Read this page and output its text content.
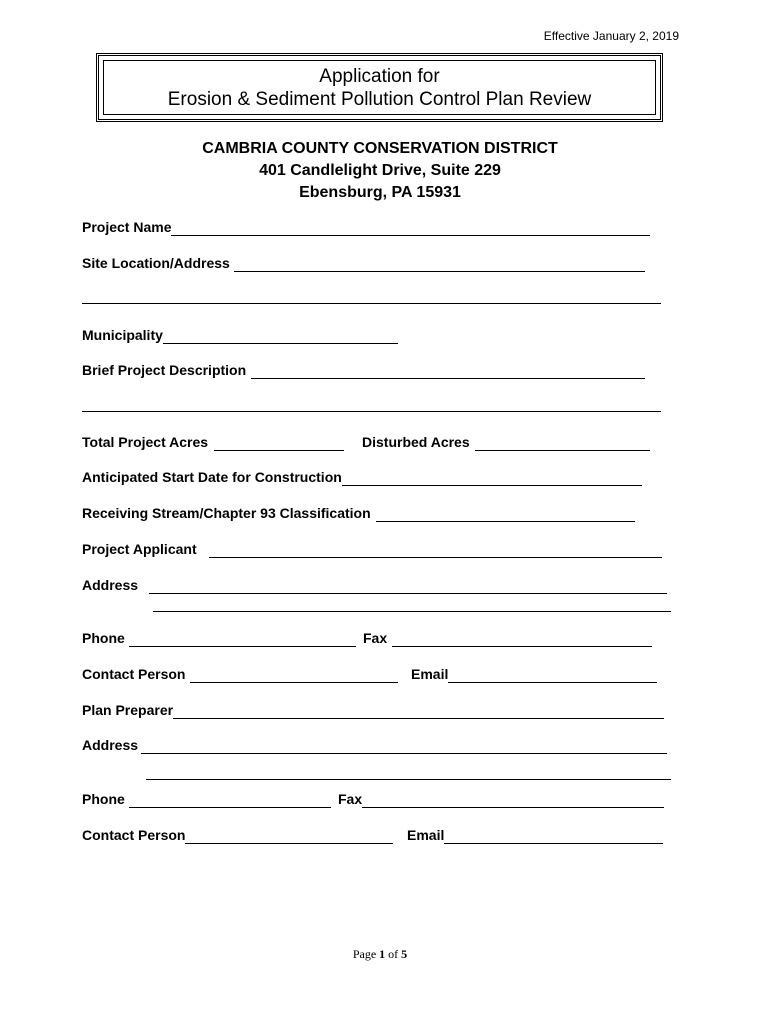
Effective January 2, 2019
Application for
Erosion & Sediment Pollution Control Plan Review
CAMBRIA COUNTY CONSERVATION DISTRICT
401 Candlelight Drive, Suite 229
Ebensburg, PA 15931
Project Name
Site Location/Address
Municipality
Brief Project Description
Total Project Acres	Disturbed Acres
Anticipated Start Date for Construction
Receiving Stream/Chapter 93 Classification
Project Applicant
Address
Phone	Fax
Contact Person	Email
Plan Preparer
Address
Phone	Fax
Contact Person	Email
Page 1 of 5
